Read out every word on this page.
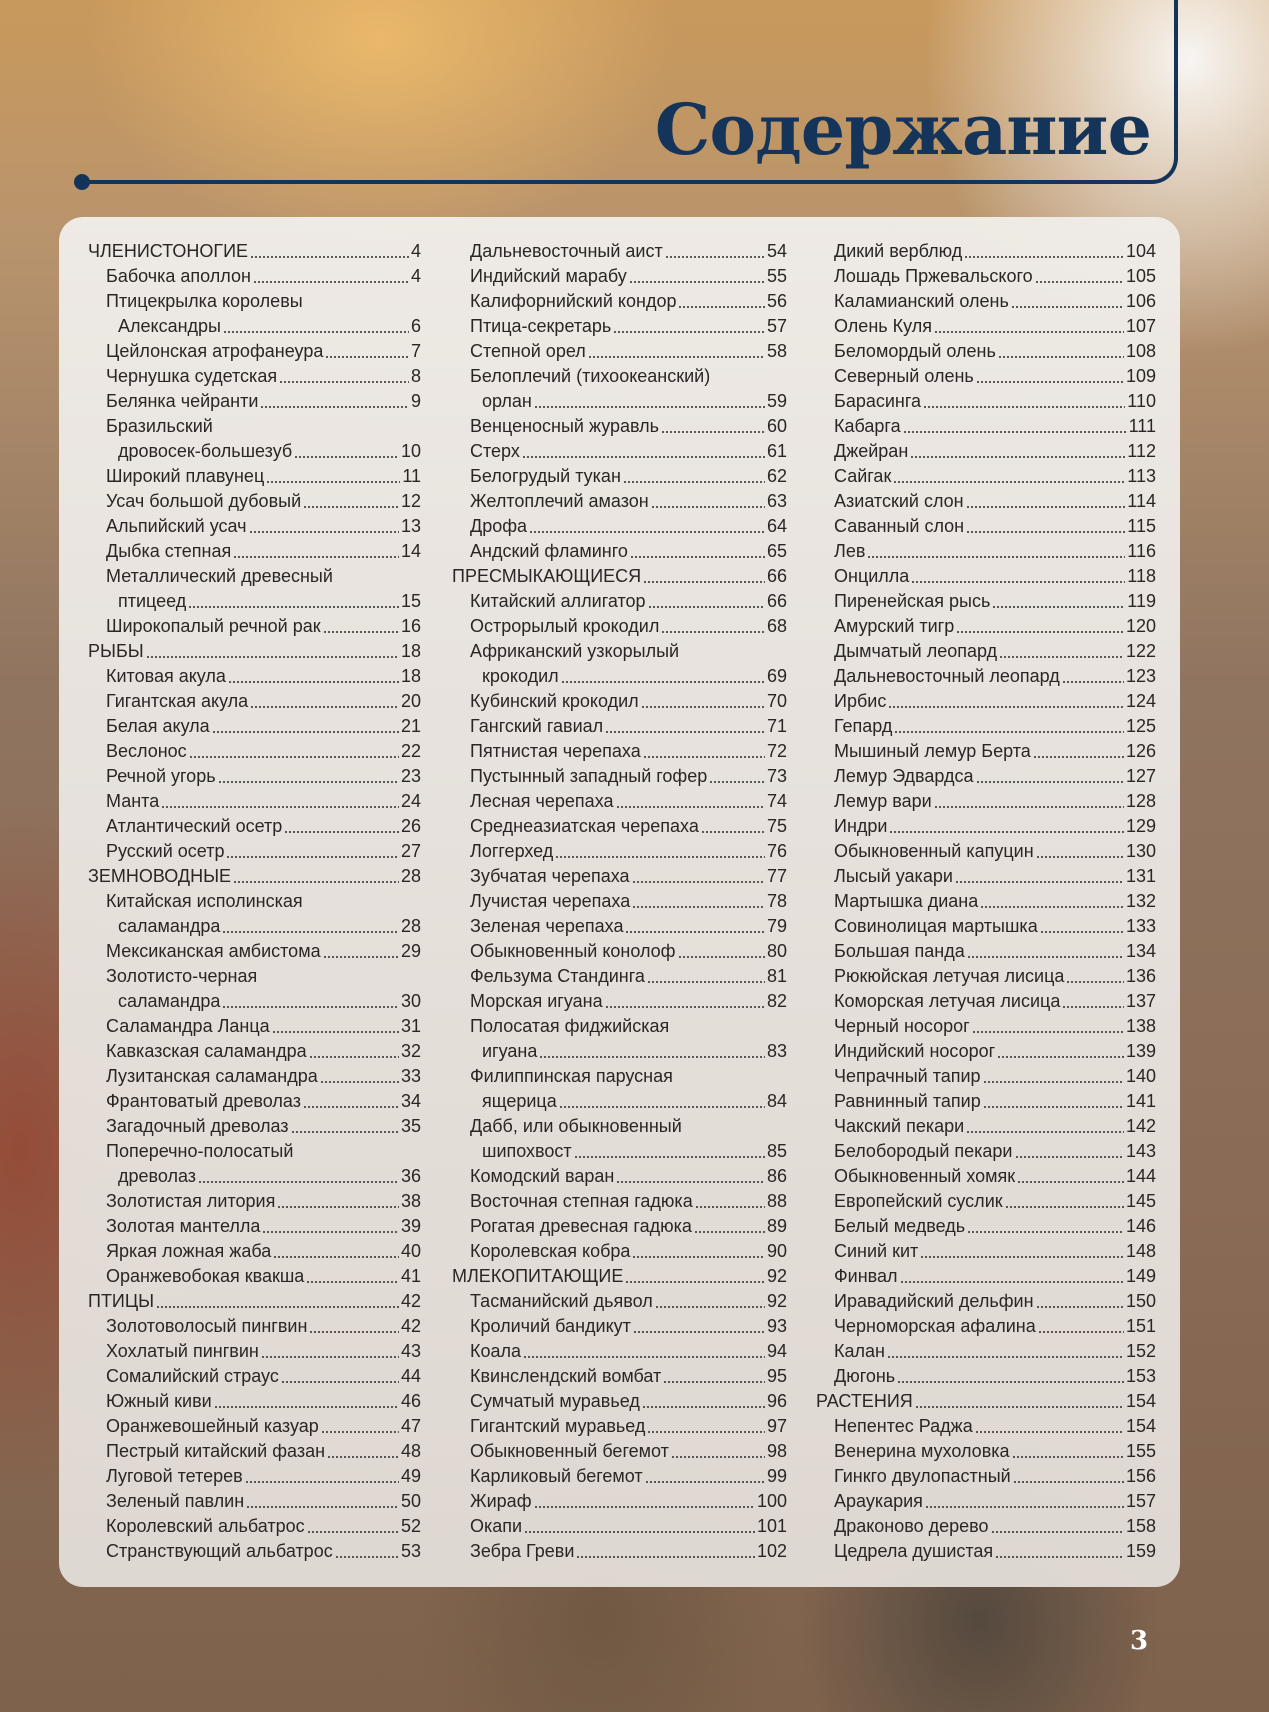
Содержание
ЧЛЕНИСТОНОГИЕ	4
Бабочка аполлон	4
Птицекрылка королевы
Александры	6
Цейлонская атрофанеура	7
Чернушка судетская	8
Белянка чейранти	9
Бразильский
дровосек-большезуб	10
Широкий плавунец	11
Усач большой дубовый	12
Альпийский усач	13
Дыбка степная	14
Металлический древесный
птицеед	15
Широкопалый речной рак	16
РЫБЫ	18
Китовая акула	18
Гигантская акула	20
Белая акула	21
Веслонос	22
Речной угорь	23
Манта	24
Атлантический осетр	26
Русский осетр	27
ЗЕМНОВОДНЫЕ	28
Китайская исполинская
саламандра	28
Мексиканская амбистома	29
Золотисто-черная
саламандра	30
Саламандра Ланца	31
Кавказская саламандра	32
Лузитанская саламандра	33
Франтоватый древолаз	34
Загадочный древолаз	35
Поперечно-полосатый
древолаз	36
Золотистая литория	38
Золотая мантелла	39
Яркая ложная жаба	40
Оранжевобокая квакша	41
ПТИЦЫ	42
Золотоволосый пингвин	42
Хохлатый пингвин	43
Сомалийский страус	44
Южный киви	46
Оранжевошейный казуар	47
Пестрый китайский фазан	48
Луговой тетерев	49
Зеленый павлин	50
Королевский альбатрос	52
Странствующий альбатрос	53
Дальневосточный аист	54
Индийский марабу	55
Калифорнийский кондор	56
Птица-секретарь	57
Степной орел	58
Белоплечий (тихоокеанский)
орлан	59
Венценосный журавль	60
Стерх	61
Белогрудый тукан	62
Желтоплечий амазон	63
Дрофа	64
Андский фламинго	65
ПРЕСМЫКАЮЩИЕСЯ	66
Китайский аллигатор	66
Острорылый крокодил	68
Африканский узкорылый
крокодил	69
Кубинский крокодил	70
Гангский гавиал	71
Пятнистая черепаха	72
Пустынный западный гофер	73
Лесная черепаха	74
Среднеазиатская черепаха	75
Логгерхед	76
Зубчатая черепаха	77
Лучистая черепаха	78
Зеленая черепаха	79
Обыкновенный конолоф	80
Фельзума Стандинга	81
Морская игуана	82
Полосатая фиджийская
игуана	83
Филиппинская парусная
ящерица	84
Дабб, или обыкновенный
шипохвост	85
Комодский варан	86
Восточная степная гадюка	88
Рогатая древесная гадюка	89
Королевская кобра	90
МЛЕКОПИТАЮЩИЕ	92
Тасманийский дьявол	92
Кроличий бандикут	93
Коала	94
Квинслендский вомбат	95
Сумчатый муравьед	96
Гигантский муравьед	97
Обыкновенный бегемот	98
Карликовый бегемот	99
Жираф	100
Окапи	101
Зебра Греви	102
Дикий верблюд	104
Лошадь Пржевальского	105
Каламианский олень	106
Олень Куля	107
Беломордый олень	108
Северный олень	109
Барасинга	110
Кабарга	111
Джейран	112
Сайгак	113
Азиатский слон	114
Саванный слон	115
Лев	116
Онцилла	118
Пиренейская рысь	119
Амурский тигр	120
Дымчатый леопард	122
Дальневосточный леопард	123
Ирбис	124
Гепард	125
Мышиный лемур Берта	126
Лемур Эдвардса	127
Лемур вари	128
Индри	129
Обыкновенный капуцин	130
Лысый уакари	131
Мартышка диана	132
Совинолицая мартышка	133
Большая панда	134
Рюкюйская летучая лисица	136
Коморская летучая лисица	137
Черный носорог	138
Индийский носорог	139
Чепрачный тапир	140
Равнинный тапир	141
Чакский пекари	142
Белобородый пекари	143
Обыкновенный хомяк	144
Европейский суслик	145
Белый медведь	146
Синий кит	148
Финвал	149
Иравадийский дельфин	150
Черноморская афалина	151
Калан	152
Дюгонь	153
РАСТЕНИЯ	154
Непентес Раджа	154
Венерина мухоловка	155
Гинкго двулопастный	156
Араукария	157
Драконово дерево	158
Цедрела душистая	159
3
